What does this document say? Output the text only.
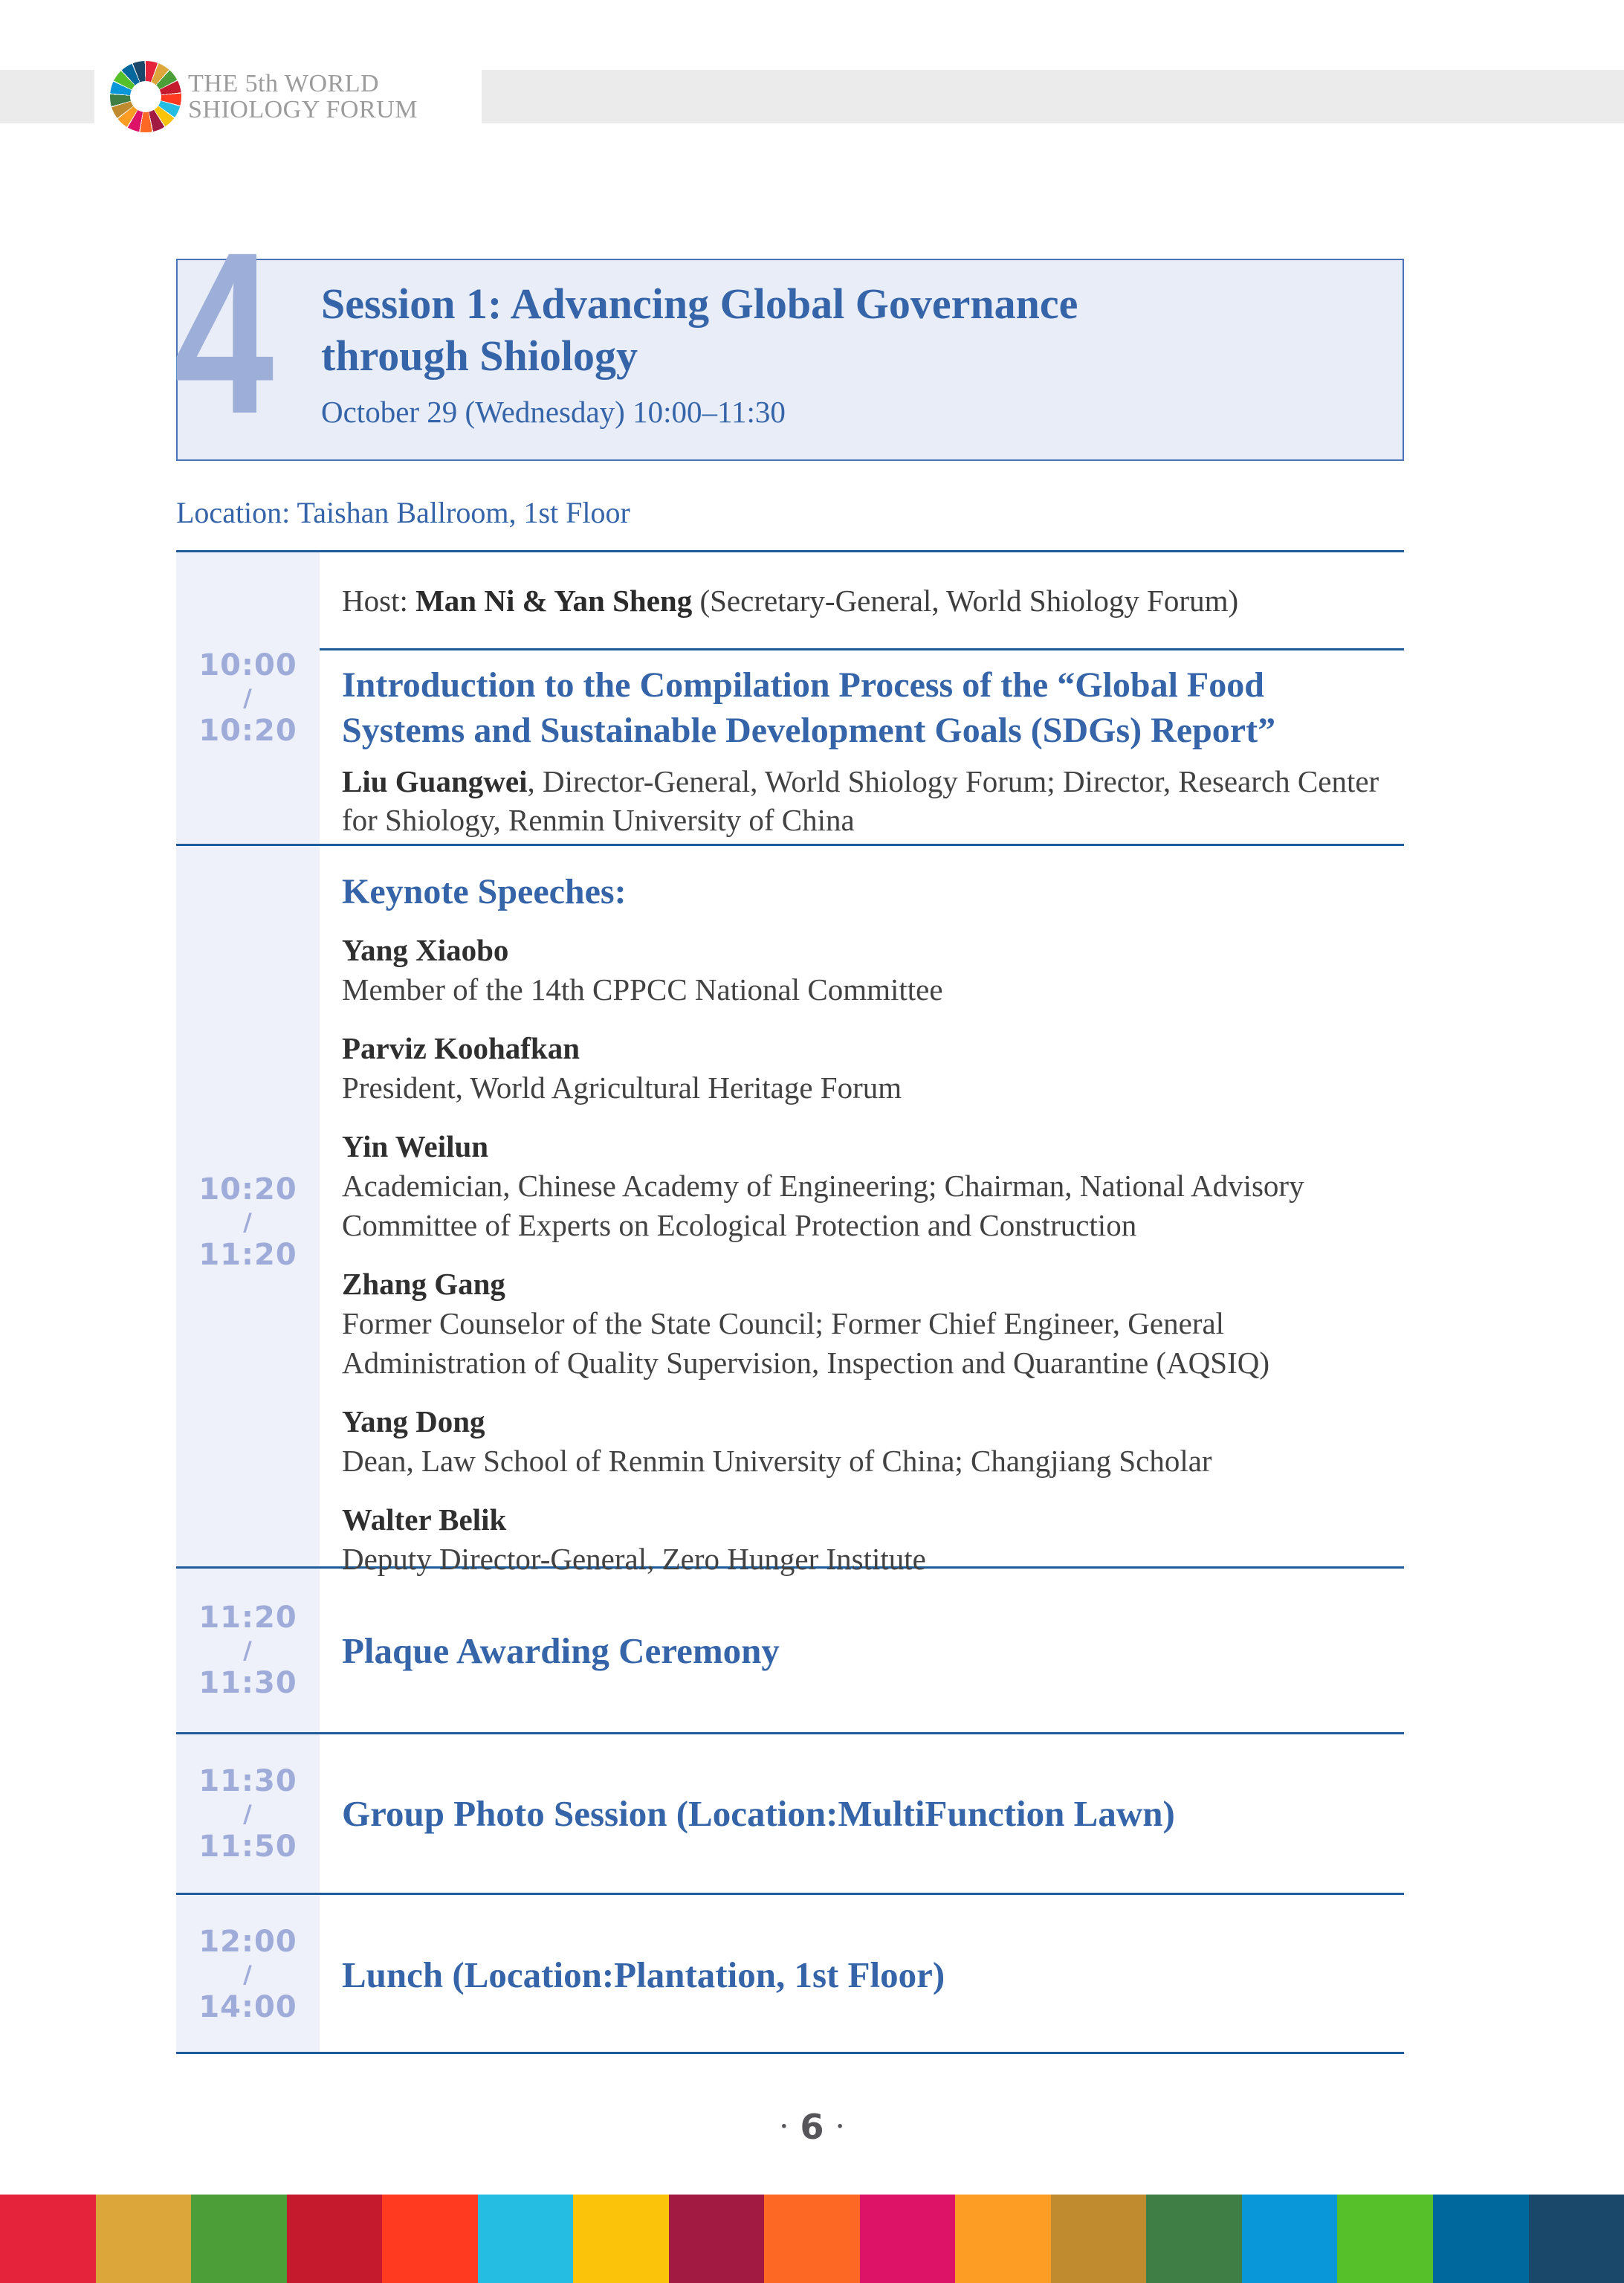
THE 5th WORLD
SHIOLOGY FORUM
Session 1: Advancing Global Governance
through Shiology
October 29 (Wednesday) 10:00–11:30
4
Location: Taishan Ballroom, 1st Floor
10:00
/
10:20
Host: Man Ni & Yan Sheng (Secretary-General, World Shiology Forum)
Introduction to the Compilation Process of the “Global Food Systems and Sustainable Development Goals (SDGs) Report”
Liu Guangwei, Director-General, World Shiology Forum; Director, Research Center for Shiology, Renmin University of China
10:20
/
11:20
Keynote Speeches:
Yang Xiaobo
Member of the 14th CPPCC National Committee
Parviz Koohafkan
President, World Agricultural Heritage Forum
Yin Weilun
Academician, Chinese Academy of Engineering; Chairman, National Advisory Committee of Experts on Ecological Protection and Construction
Zhang Gang
Former Counselor of the State Council; Former Chief Engineer, General Administration of Quality Supervision, Inspection and Quarantine (AQSIQ)
Yang Dong
Dean, Law School of Renmin University of China; Changjiang Scholar
Walter Belik
Deputy Director-General, Zero Hunger Institute
11:20
/
11:30
Plaque Awarding Ceremony
11:30
/
11:50
Group Photo Session (Location:MultiFunction Lawn)
12:00
/
14:00
Lunch (Location:Plantation, 1st Floor)
· 6 ·
